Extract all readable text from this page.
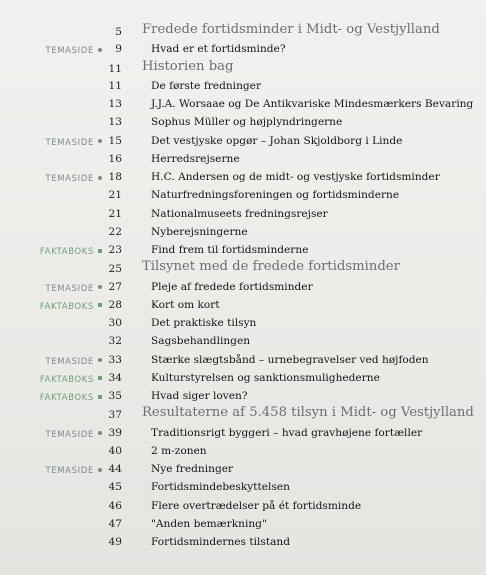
5 Fredede fortidsminder i Midt- og Vestjylland
TEMASIDE	9	Hvad er et fortidsminde?
11 Historien bag
11	De første fredninger
13	J.J.A. Worsaae og De Antikvariske Mindesmærkers Bevaring
13	Sophus Müller og højplyndringerne
TEMASIDE	15	Det vestjyske opgør – Johan Skjoldborg i Linde
16	Herredsrejserne
TEMASIDE	18	H.C. Andersen og de midt- og vestjyske fortidsminder
21	Naturfredningsforeningen og fortidsminderne
21	Nationalmuseets fredningsrejser
22	Nyberejsningerne
FAKTABOKS	23	Find frem til fortidsminderne
25 Tilsynet med de fredede fortidsminder
TEMASIDE	27	Pleje af fredede fortidsminder
FAKTABOKS	28	Kort om kort
30	Det praktiske tilsyn
32	Sagsbehandlingen
TEMASIDE	33	Stærke slægtsbånd – urnebegravelser ved højfoden
FAKTABOKS	34	Kulturstyrelsen og sanktionsmulighederne
FAKTABOKS	35	Hvad siger loven?
37 Resultaterne af 5.458 tilsyn i Midt- og Vestjylland
TEMASIDE	39	Traditionsrigt byggeri – hvad gravhøjene fortæller
40	2 m-zonen
TEMASIDE	44	Nye fredninger
45	Fortidsmindebeskyttelsen
46	Flere overtrædelser på ét fortidsminde
47	"Anden bemærkning"
49	Fortidsmindernes tilstand
